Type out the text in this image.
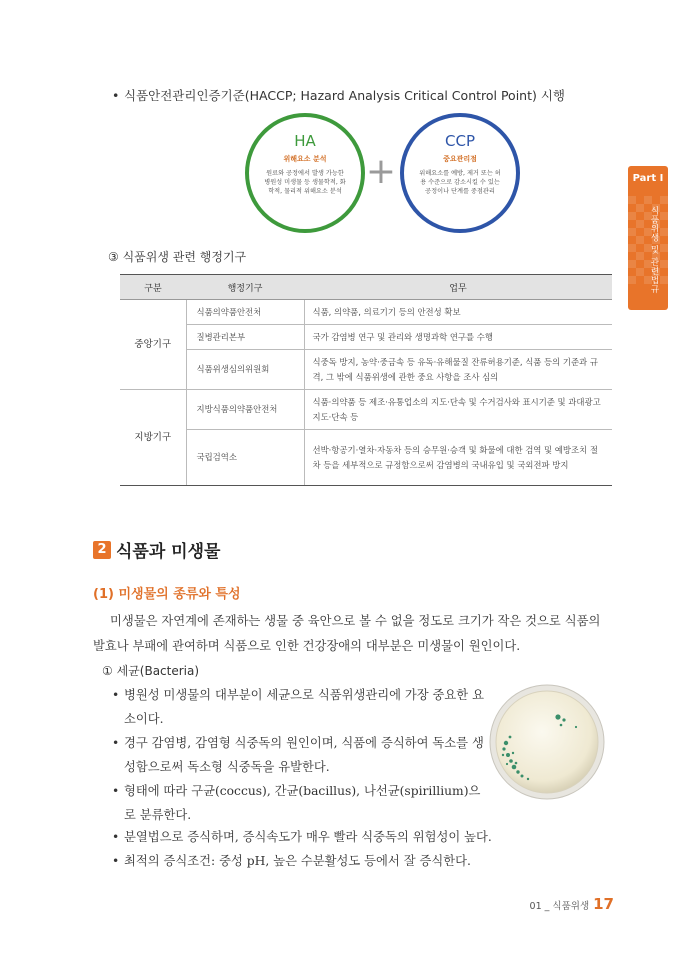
• 식품안전관리인증기준(HACCP; Hazard Analysis Critical Control Point) 시행
HA
위해요소 분석
원료와 공정에서 발생 가능한 병원성 미생물 등 생물학적, 화학적, 물리적 위해요소 분석 +
CCP
중요관리점
위해요소를 예방, 제거 또는 허용 수준으로 감소시킬 수 있는 공정이나 단계를 중점관리
③ 식품위생 관련 행정기구
구분	행정기구	업무
중앙기구	식품의약품안전처	식품, 의약품, 의료기기 등의 안전성 확보
	질병관리본부	국가 감염병 연구 및 관리와 생명과학 연구를 수행
	식품위생심의위원회	식중독 방지, 농약·중금속 등 유독·유해물질 잔류허용기준, 식품 등의 기준과 규격, 그 밖에 식품위생에 관한 중요 사항을 조사 심의
지방기구	지방식품의약품안전처	식품·의약품 등 제조·유통업소의 지도·단속 및 수거검사와 표시기준 및 과대광고 지도·단속 등
	국립검역소	선박·항공기·열차·자동차 등의 승무원·승객 및 화물에 대한 검역 및 예방조치 절차 등을 세부적으로 규정함으로써 감염병의 국내유입 및 국외전파 방지
2 식품과 미생물
(1) 미생물의 종류와 특성
미생물은 자연계에 존재하는 생물 중 육안으로 볼 수 없을 정도로 크기가 작은 것으로 식품의 발효나 부패에 관여하며 식품으로 인한 건강장애의 대부분은 미생물이 원인이다.
① 세균(Bacteria)
• 병원성 미생물의 대부분이 세균으로 식품위생관리에 가장 중요한 요소이다.
• 경구 감염병, 감염형 식중독의 원인이며, 식품에 증식하여 독소를 생성함으로써 독소형 식중독을 유발한다.
• 형태에 따라 구균(coccus), 간균(bacillus), 나선균(spirillium)으로 분류한다.
• 분열법으로 증식하며, 증식속도가 매우 빨라 식중독의 위험성이 높다.
• 최적의 증식조건: 중성 pH, 높은 수분활성도 등에서 잘 증식한다.
Part Ⅰ
식품위생 및 관련법규
01 _ 식품위생 17
